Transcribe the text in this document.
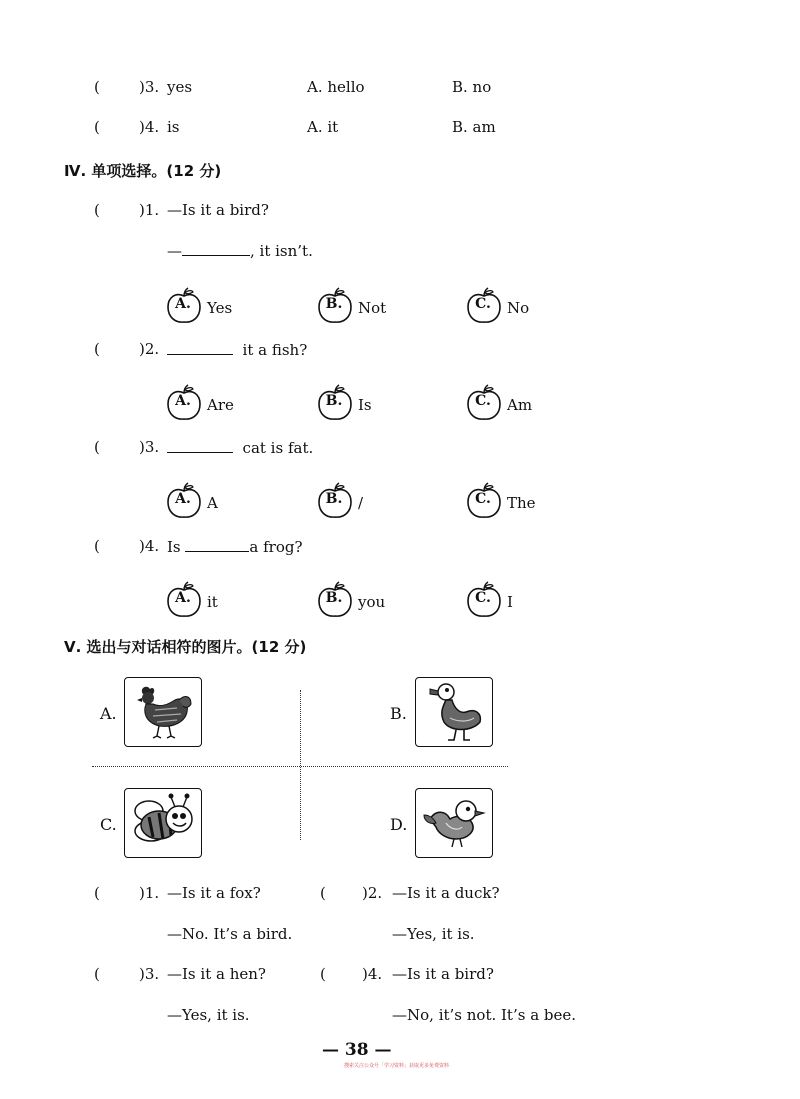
(	)3. yes	A. hello	B. no
(	)4. is	A. it	B. am
Ⅳ. 单项选择。(12 分)
(	)1. —Is it a bird?
—	, it isn’t.
A.	Yes	B.	Not	C.	No
(	)2.	it a fish?
A.	Are	B.	Is	C.	Am
(	)3.	cat is fat.
A.	A	B.	/	C.	The
(	)4. Is	a frog?
A.	it	B.	you	C.	I
Ⅴ. 选出与对话相符的图片。(12 分)
A.	B.
C.	D.
(	)1. —Is it a fox?
—No. It’s a bird.
( )2. —Is it a duck?
—Yes, it is.
(	)3. —Is it a hen?
—Yes, it is.
( )4. —Is it a bird?
—No, it’s not. It’s a bee.
— 38 —
搜索关注公众号「学习资料」获取更多免费资料
